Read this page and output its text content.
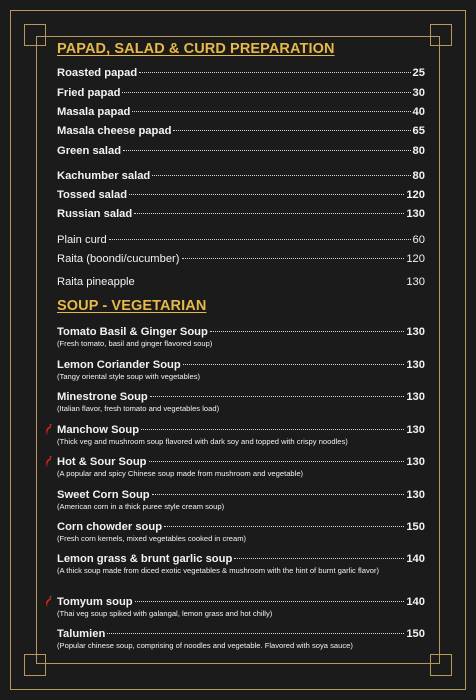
PAPAD, SALAD & CURD PREPARATION
Roasted papad	25
Fried papad	30
Masala papad	40
Masala cheese papad	65
Green salad	80
Kachumber salad	80
Tossed salad	120
Russian salad	130
Plain curd	60
Raita (boondi/cucumber)	120
Raita pineapple	130
SOUP - VEGETARIAN
Tomato Basil & Ginger Soup	130
(Fresh tomato, basil and ginger flavored soup)
Lemon Coriander Soup	130
(Tangy oriental style soup with vegetables)
Minestrone Soup	130
(Italian flavor, fresh tomato and vegetables load)
Manchow Soup	130
(Thick veg and mushroom soup flavored with dark soy and topped with crispy noodles)
Hot & Sour Soup	130
(A popular and spicy Chinese soup made from mushroom and vegetable)
Sweet Corn Soup	130
(American corn in a thick puree style cream soup)
Corn chowder soup	150
(Fresh corn kernels, mixed vegetables cooked in cream)
Lemon grass & brunt garlic soup	140
(A thick soup made from diced exotic vegetables & mushroom with the hint of burnt garlic flavor)
Tomyum soup	140
(Thai veg soup spiked with galangal, lemon grass and hot chilly)
Talumien	150
(Popular chinese soup, comprising of noodles and vegetable. Flavored with soya sauce)
